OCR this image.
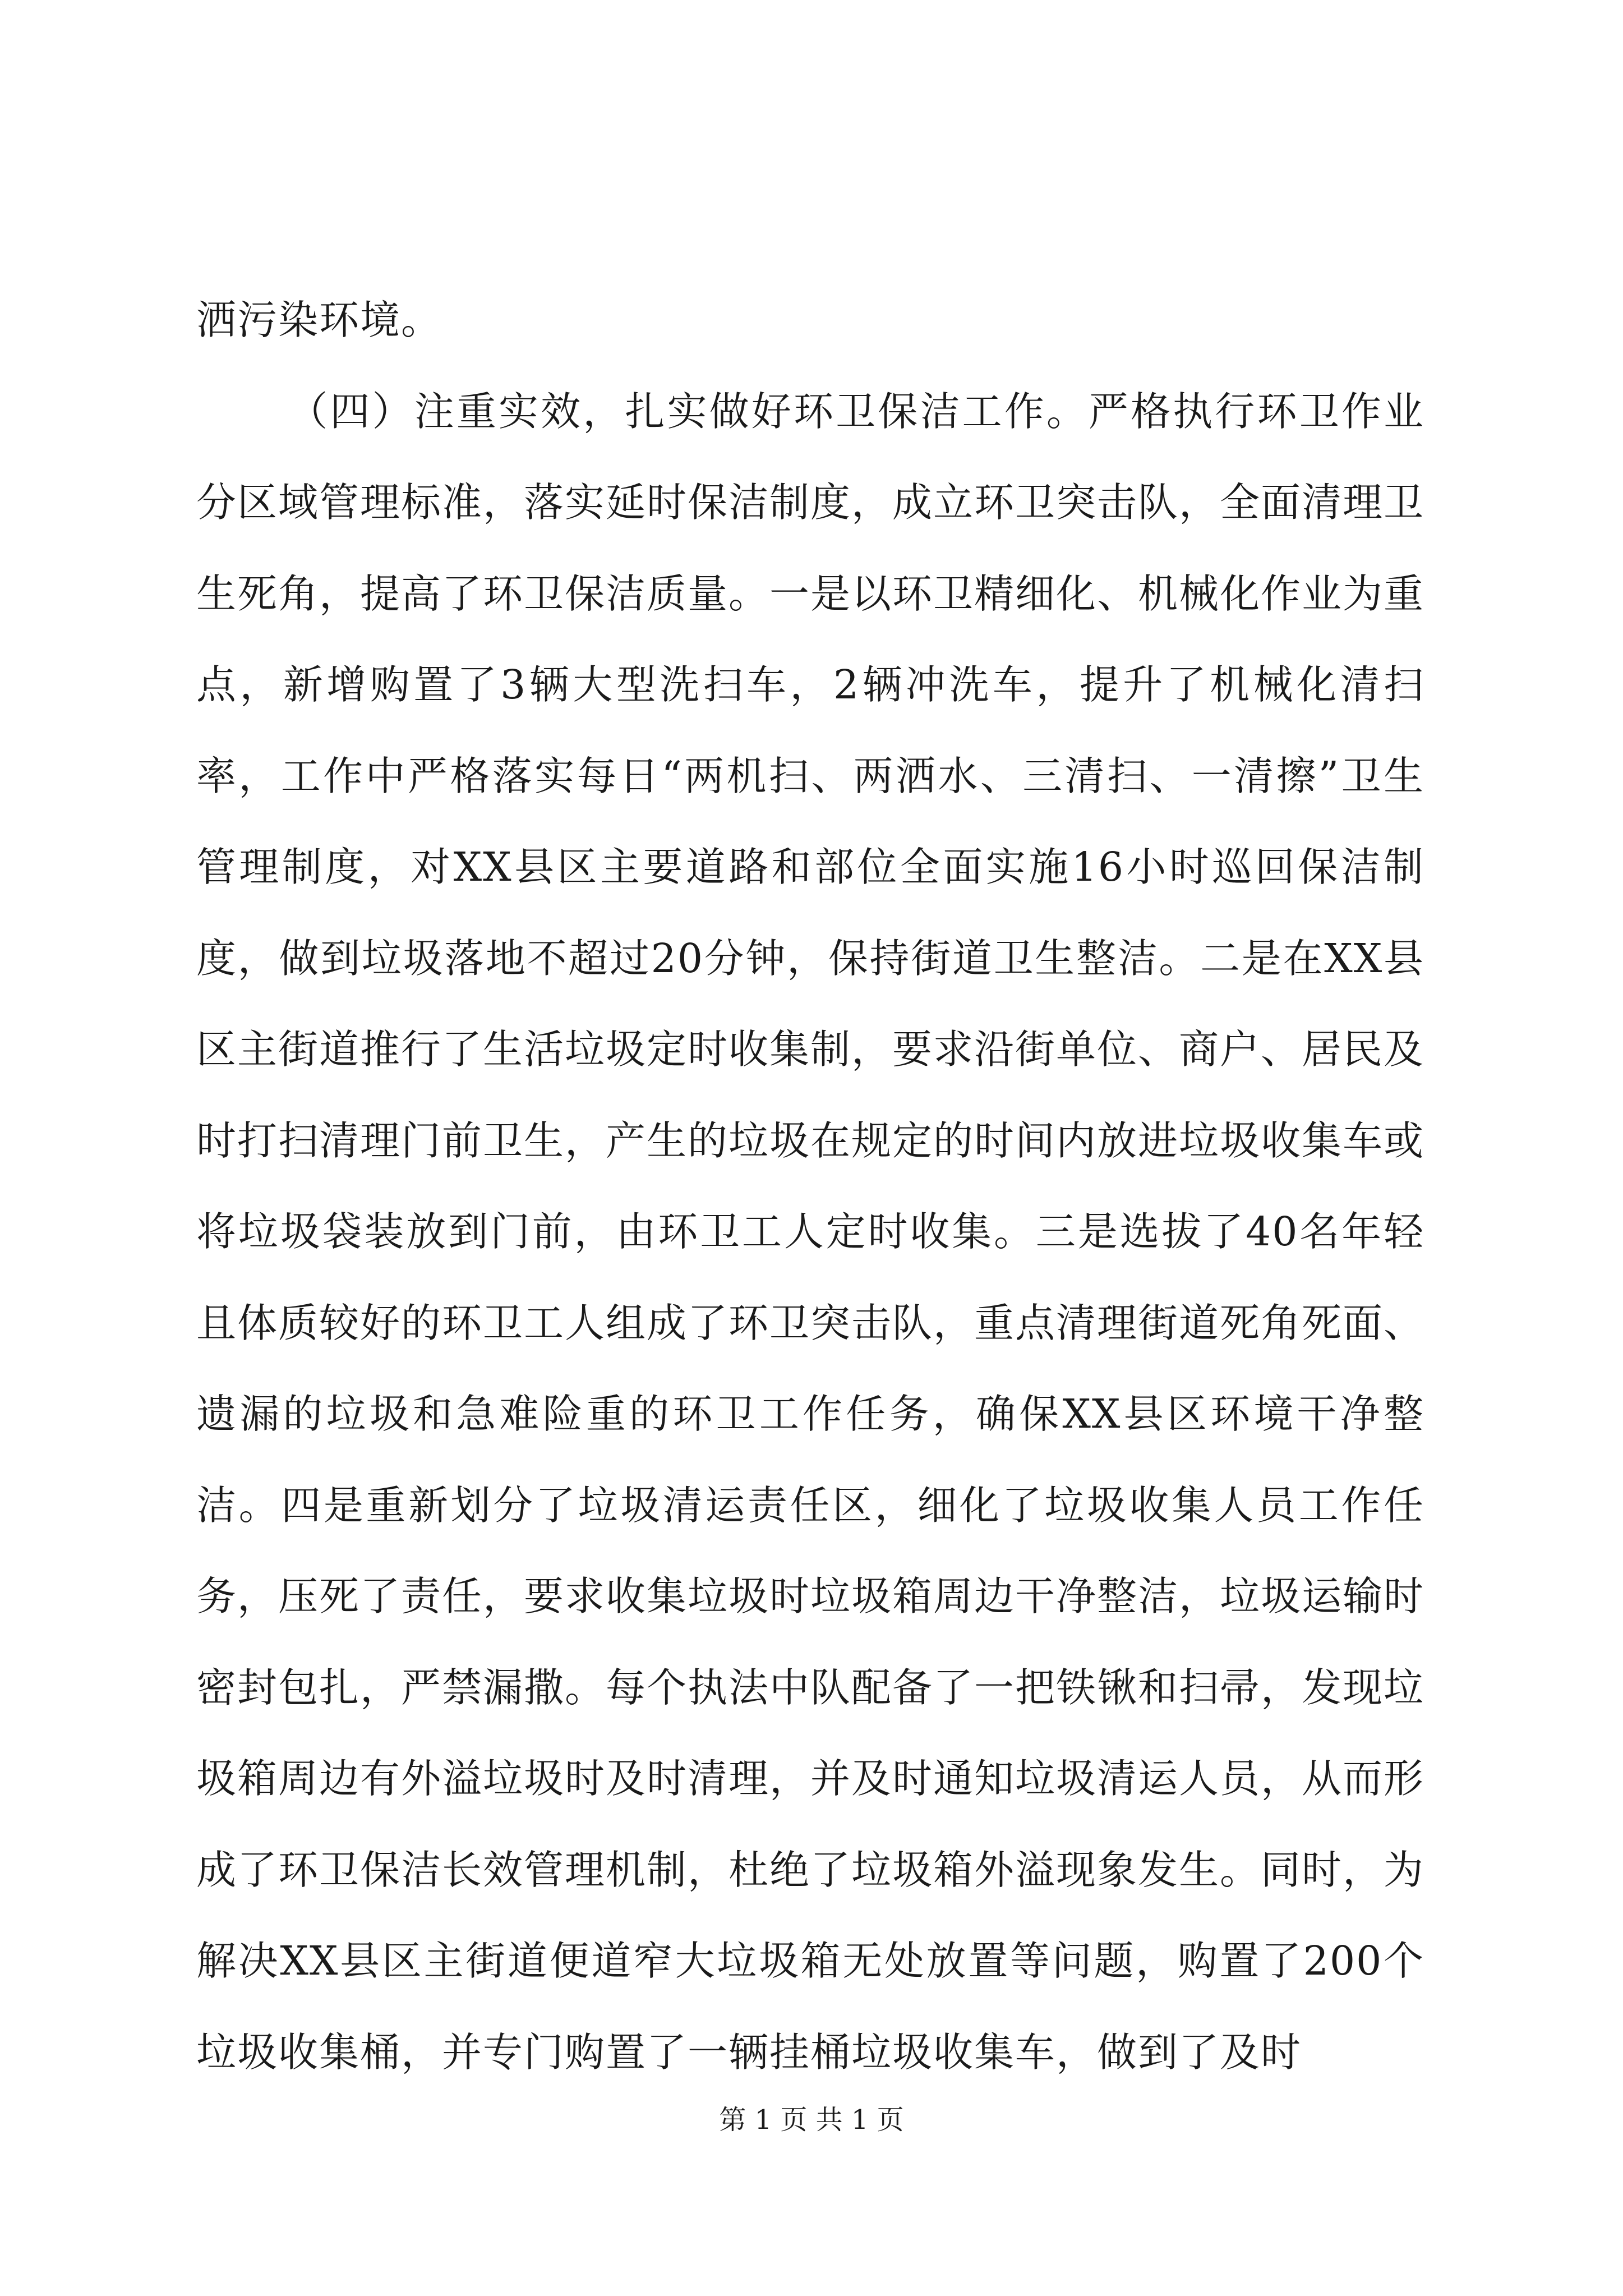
洒污染环境。

（四）注重实效，扎实做好环卫保洁工作。严格执行环卫作业分区域管理标准，落实延时保洁制度，成立环卫突击队，全面清理卫生死角，提高了环卫保洁质量。一是以环卫精细化、机械化作业为重点，新增购置了3辆大型洗扫车，2辆冲洗车，提升了机械化清扫率，工作中严格落实每日“两机扫、两洒水、三清扫、一清擦”卫生管理制度，对XX县区主要道路和部位全面实施16小时巡回保洁制度，做到垃圾落地不超过20分钟，保持街道卫生整洁。二是在XX县区主街道推行了生活垃圾定时收集制，要求沿街单位、商户、居民及时打扫清理门前卫生，产生的垃圾在规定的时间内放进垃圾收集车或将垃圾袋装放到门前，由环卫工人定时收集。三是选拔了40名年轻且体质较好的环卫工人组成了环卫突击队，重点清理街道死角死面、遗漏的垃圾和急难险重的环卫工作任务，确保XX县区环境干净整洁。四是重新划分了垃圾清运责任区，细化了垃圾收集人员工作任务，压死了责任，要求收集垃圾时垃圾箱周边干净整洁，垃圾运输时密封包扎，严禁漏撒。每个执法中队配备了一把铁锹和扫帚，发现垃圾箱周边有外溢垃圾时及时清理，并及时通知垃圾清运人员，从而形成了环卫保洁长效管理机制，杜绝了垃圾箱外溢现象发生。同时，为解决XX县区主街道便道窄大垃圾箱无处放置等问题，购置了200个垃圾收集桶，并专门购置了一辆挂桶垃圾收集车，做到了及时

第 1 页 共 1 页
